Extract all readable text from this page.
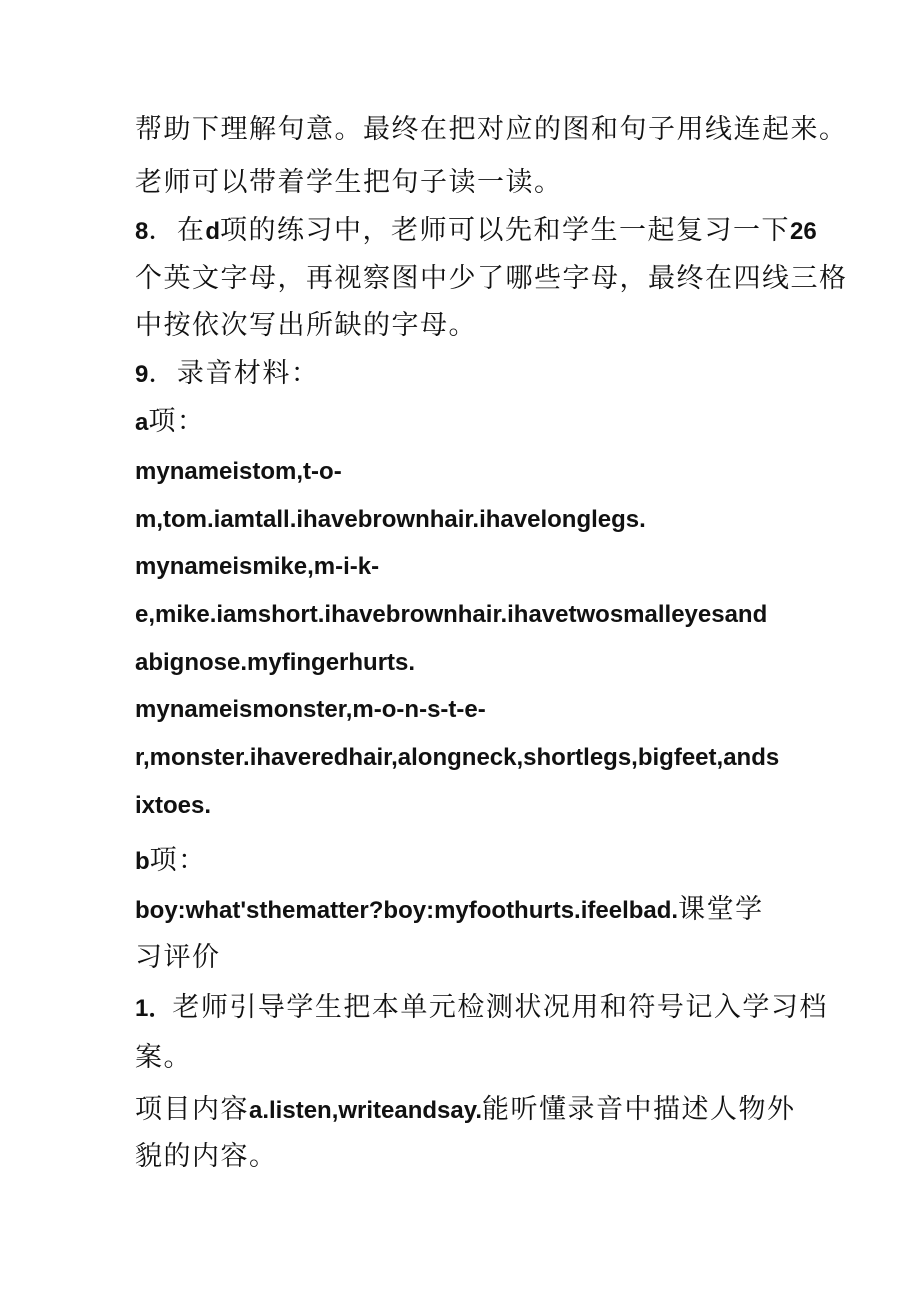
帮助下理解句意。最终在把对应的图和句子用线连起来。
老师可以带着学生把句子读一读。
8．在d项的练习中，老师可以先和学生一起复习一下26
个英文字母，再视察图中少了哪些字母，最终在四线三格
中按依次写出所缺的字母。
9．录音材料：
a项：
mynameistom,t-o-
m,tom.iamtall.ihavebrownhair.ihavelonglegs.
mynameismike,m-i-k-
e,mike.iamshort.ihavebrownhair.ihavetwosmalleyesand
abignose.myfingerhurts.
mynameismonster,m-o-n-s-t-e-
r,monster.ihaveredhair,alongneck,shortlegs,bigfeet,ands
ixtoes.
b项：
boy:what'sthematter?boy:myfoothurts.ifeelbad.课堂学
习评价
1．老师引导学生把本单元检测状况用和符号记入学习档
案。
项目内容a.listen,writeandsay.能听懂录音中描述人物外
貌的内容。
